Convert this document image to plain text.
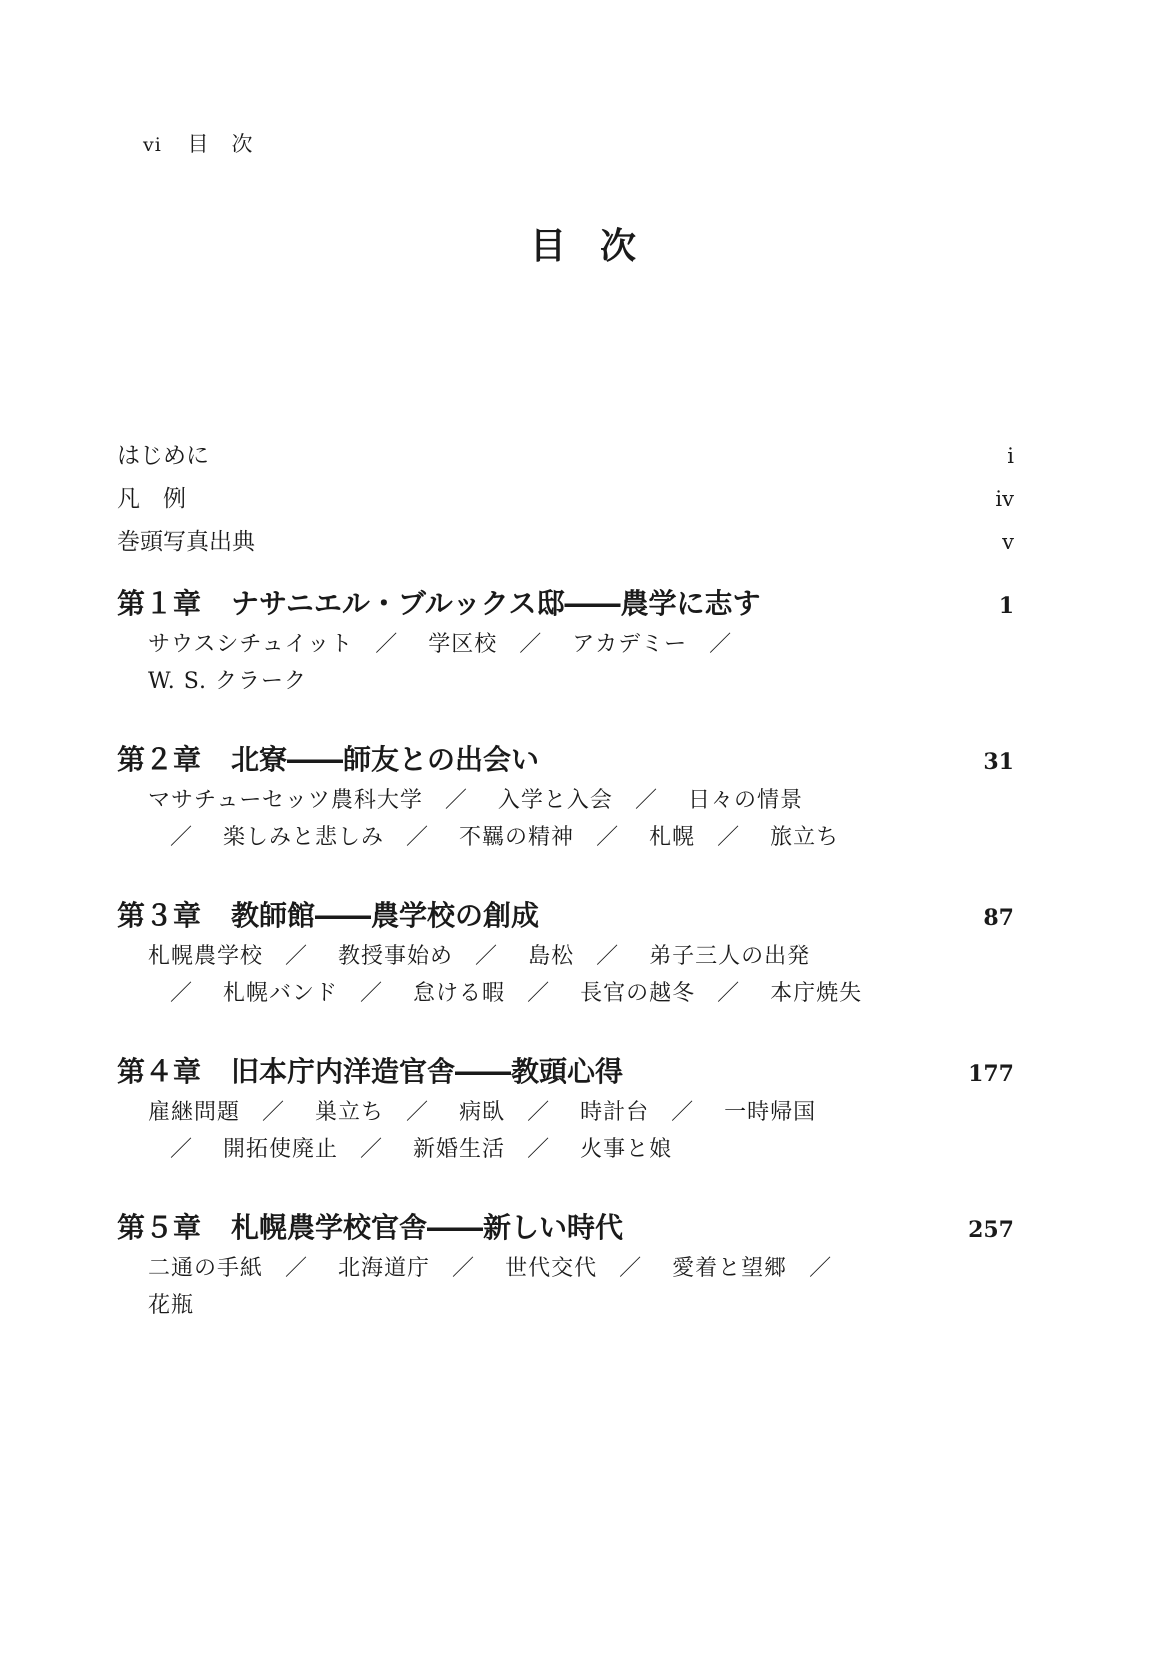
vi 目　次
目次
はじめに	i
凡　例	iv
巻頭写真出典	v
第１章 ナサニエル・ブルックス邸――農学に志す	1
サウスシチュイット ／ 学区校 ／ アカデミー ／ W. S. クラーク
第２章 北寮――師友との出会い	31
マサチューセッツ農科大学 ／ 入学と入会 ／ 日々の情景／ 楽しみと悲しみ ／ 不羈の精神 ／ 札幌 ／ 旅立ち
第３章 教師館――農学校の創成	87
札幌農学校 ／ 教授事始め ／ 島松 ／ 弟子三人の出発／ 札幌バンド ／ 怠ける暇 ／ 長官の越冬 ／ 本庁焼失
第４章 旧本庁内洋造官舎――教頭心得	177
雇継問題 ／ 巣立ち ／ 病臥 ／ 時計台 ／ 一時帰国／ 開拓使廃止 ／ 新婚生活 ／ 火事と娘
第５章 札幌農学校官舎――新しい時代	257
二通の手紙 ／ 北海道庁 ／ 世代交代 ／ 愛着と望郷 ／ 花瓶
